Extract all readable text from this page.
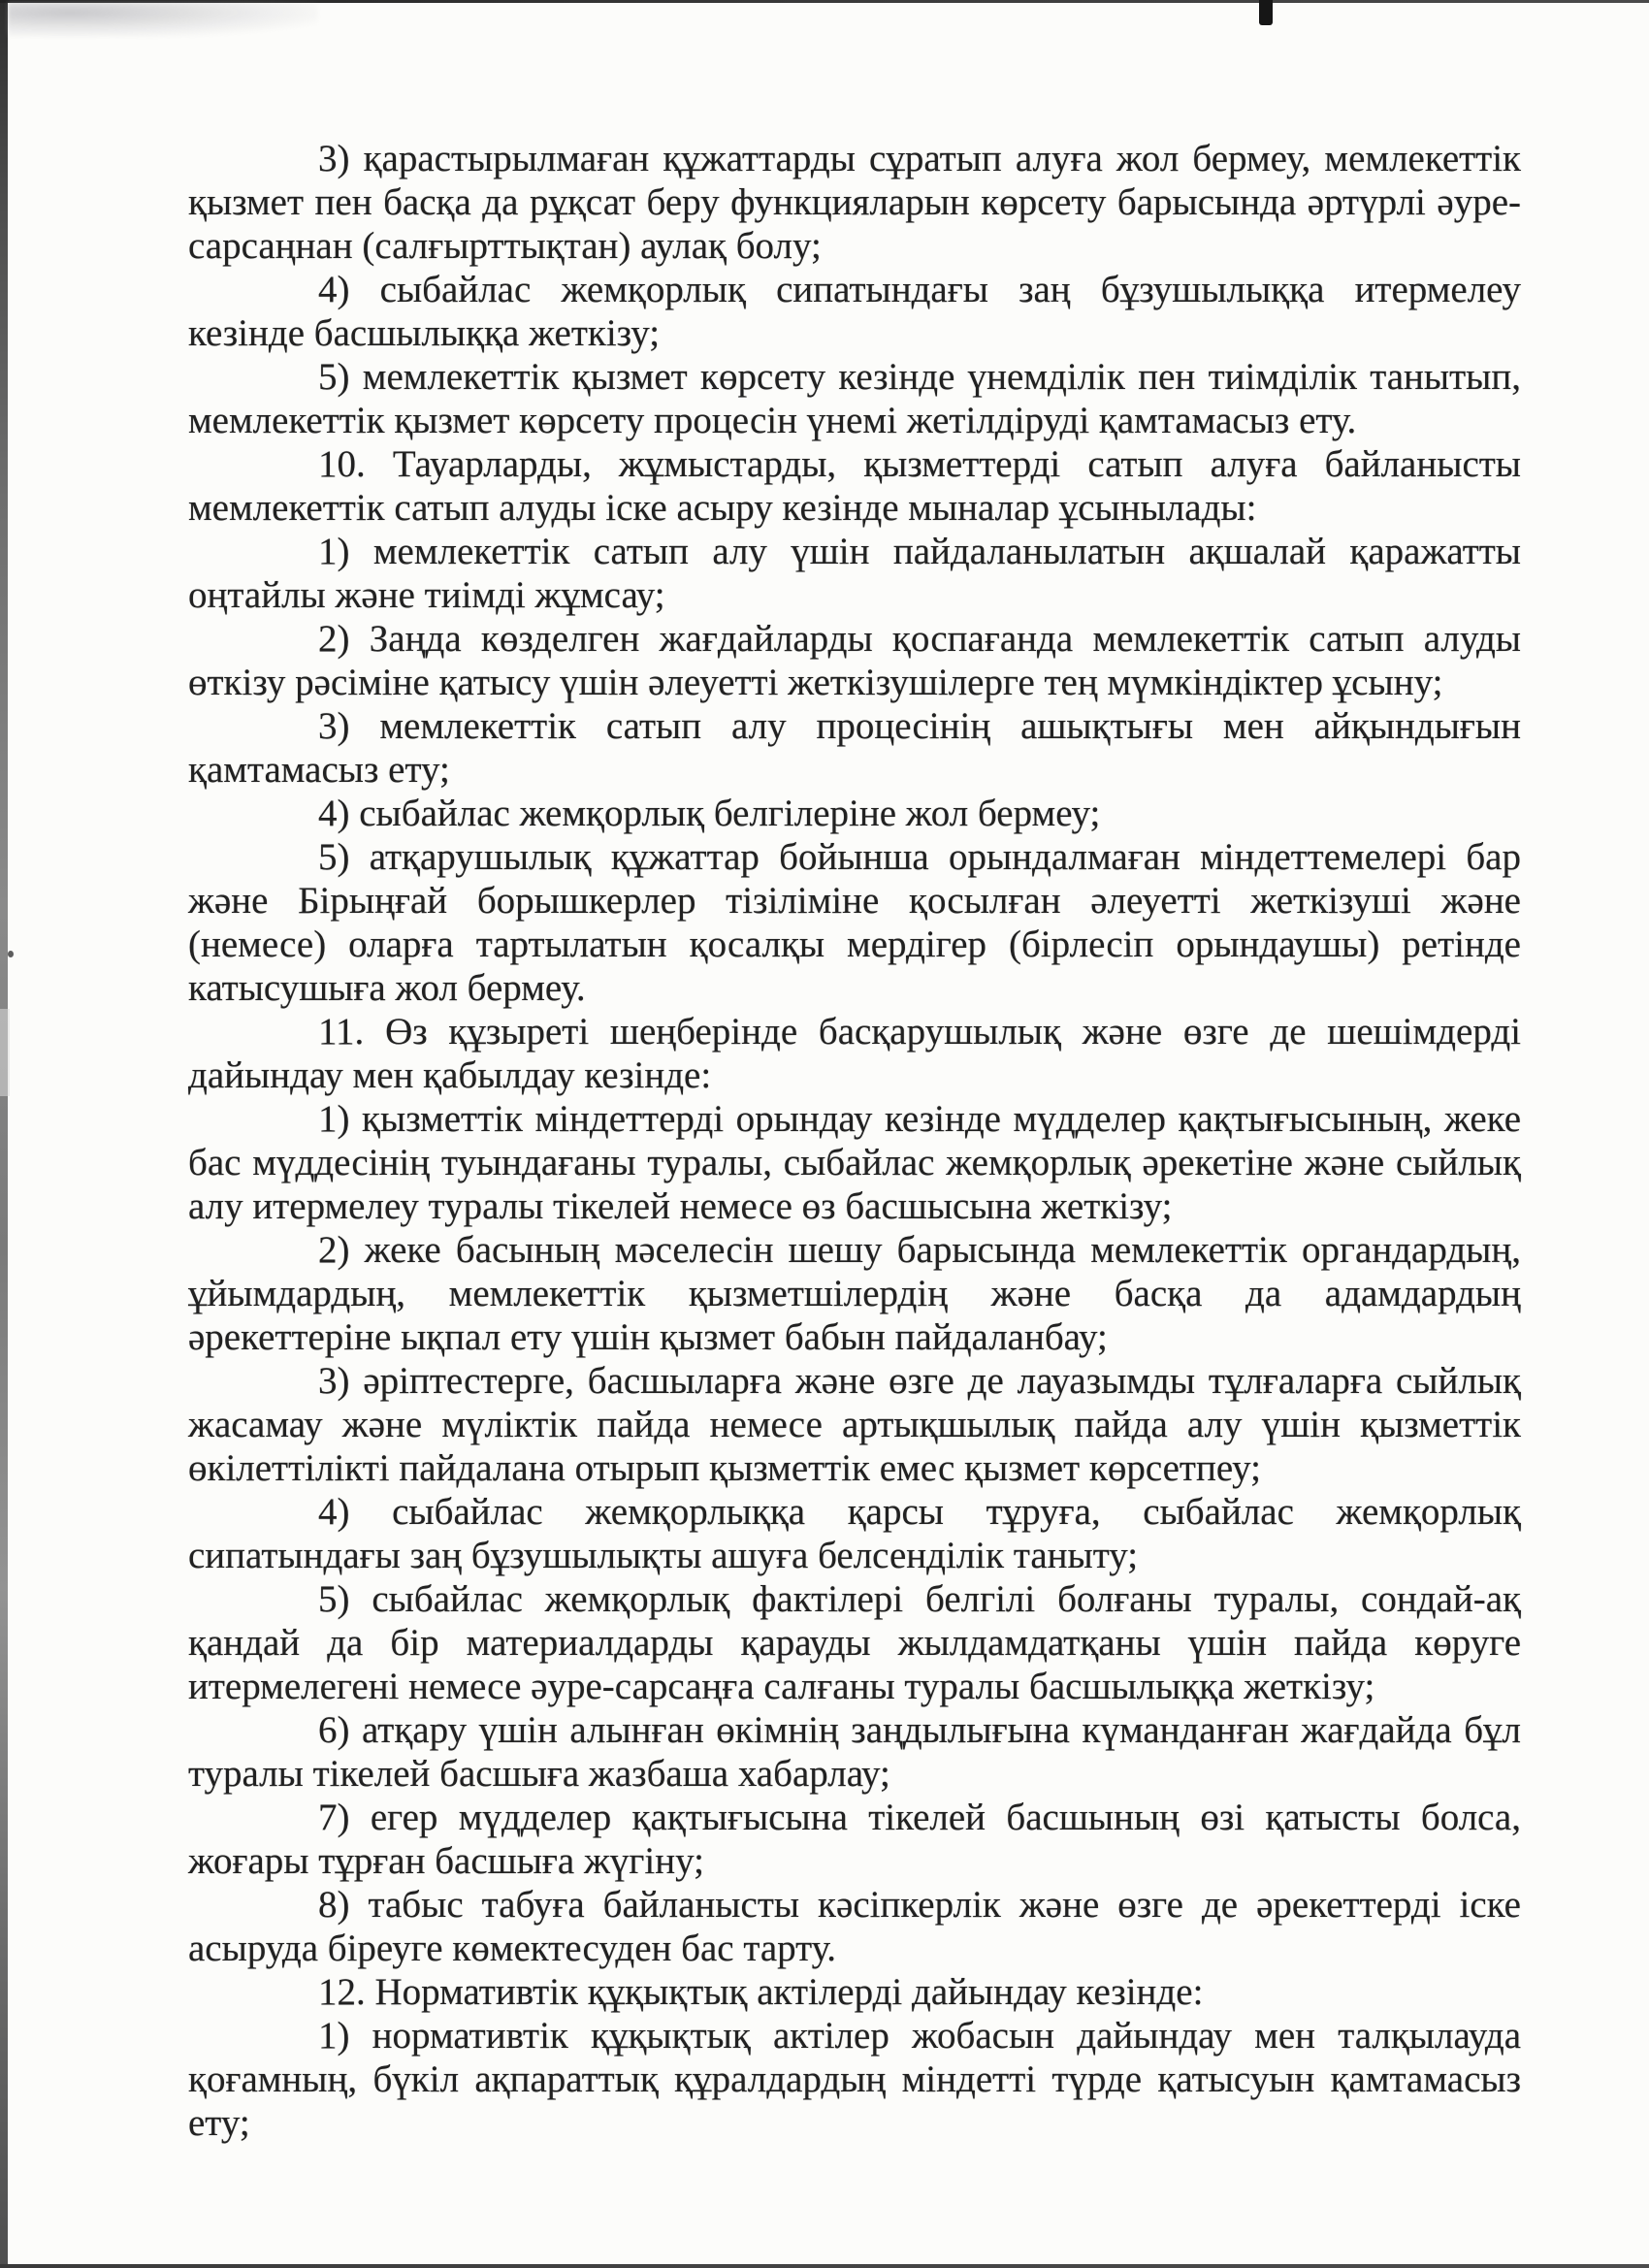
3) қарастырылмаған құжаттарды сұратып алуға жол бермеу, мемлекеттік қызмет пен басқа да рұқсат беру функцияларын көрсету барысында әртүрлі әуре-сарсаңнан (салғырттықтан) аулақ болу;

4) сыбайлас жемқорлық сипатындағы заң бұзушылыққа итермелеу кезінде басшылыққа жеткізу;

5) мемлекеттік қызмет көрсету кезінде үнемділік пен тиімділік танытып, мемлекеттік қызмет көрсету процесін үнемі жетілдіруді қамтамасыз ету.

10. Тауарларды, жұмыстарды, қызметтерді сатып алуға байланысты мемлекеттік сатып алуды іске асыру кезінде мыналар ұсынылады:

1) мемлекеттік сатып алу үшін пайдаланылатын ақшалай қаражатты оңтайлы және тиімді жұмсау;

2) Заңда көзделген жағдайларды қоспағанда мемлекеттік сатып алуды өткізу рәсіміне қатысу үшін әлеуетті жеткізушілерге тең мүмкіндіктер ұсыну;

3) мемлекеттік сатып алу процесінің ашықтығы мен айқындығын қамтамасыз ету;

4) сыбайлас жемқорлық белгілеріне жол бермеу;

5) атқарушылық құжаттар бойынша орындалмаған міндеттемелері бар және Бірыңғай борышкерлер тізіліміне қосылған әлеуетті жеткізуші және (немесе) оларға тартылатын қосалқы мердігер (бірлесіп орындаушы) ретінде катысушыға жол бермеу.

11. Өз құзыреті шеңберінде басқарушылық және өзге де шешімдерді дайындау мен қабылдау кезінде:

1) қызметтік міндеттерді орындау кезінде мүдделер қақтығысының, жеке бас мүддесінің туындағаны туралы, сыбайлас жемқорлық әрекетіне және сыйлық алу итермелеу туралы тікелей немесе өз басшысына жеткізу;

2) жеке басының мәселесін шешу барысында мемлекеттік органдардың, ұйымдардың, мемлекеттік қызметшілердің және басқа да адамдардың әрекеттеріне ықпал ету үшін қызмет бабын пайдаланбау;

3) әріптестерге, басшыларға және өзге де лауазымды тұлғаларға сыйлық жасамау және мүліктік пайда немесе артықшылық пайда алу үшін қызметтік өкілеттілікті пайдалана отырып қызметтік емес қызмет көрсетпеу;

4) сыбайлас жемқорлыққа қарсы тұруға, сыбайлас жемқорлық сипатындағы заң бұзушылықты ашуға белсенділік таныту;

5) сыбайлас жемқорлық фактілері белгілі болғаны туралы, сондай-ақ қандай да бір материалдарды қарауды жылдамдатқаны үшін пайда көруге итермелегені немесе әуре-сарсаңға салғаны туралы басшылыққа жеткізу;

6) атқару үшін алынған өкімнің заңдылығына күманданған жағдайда бұл туралы тікелей басшыға жазбаша хабарлау;

7) егер мүдделер қақтығысына тікелей басшының өзі қатысты болса, жоғары тұрған басшыға жүгіну;

8) табыс табуға байланысты кәсіпкерлік және өзге де әрекеттерді іске асыруда біреуге көмектесуден бас тарту.

12. Нормативтік құқықтық актілерді дайындау кезінде:

1) нормативтік құқықтық актілер жобасын дайындау мен талқылауда қоғамның, бүкіл ақпараттық құралдардың міндетті түрде қатысуын қамтамасыз ету;
